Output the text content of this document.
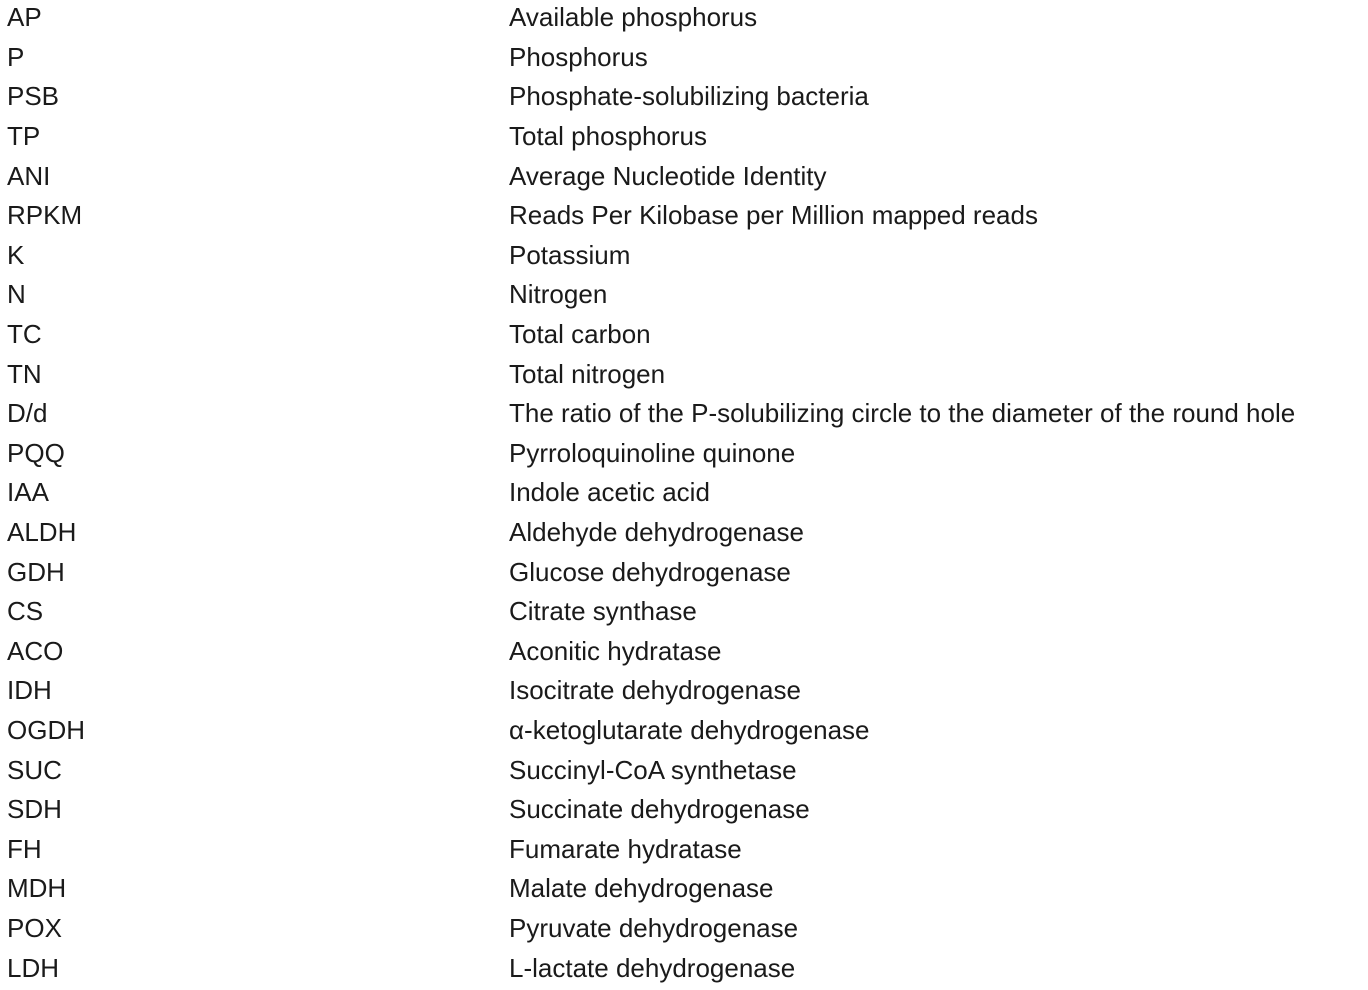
AP	Available phosphorus
P	Phosphorus
PSB	Phosphate-solubilizing bacteria
TP	Total phosphorus
ANI	Average Nucleotide Identity
RPKM	Reads Per Kilobase per Million mapped reads
K	Potassium
N	Nitrogen
TC	Total carbon
TN	Total nitrogen
D/d	The ratio of the P-solubilizing circle to the diameter of the round hole
PQQ	Pyrroloquinoline quinone
IAA	Indole acetic acid
ALDH	Aldehyde dehydrogenase
GDH	Glucose dehydrogenase
CS	Citrate synthase
ACO	Aconitic hydratase
IDH	Isocitrate dehydrogenase
OGDH	α-ketoglutarate dehydrogenase
SUC	Succinyl-CoA synthetase
SDH	Succinate dehydrogenase
FH	Fumarate hydratase
MDH	Malate dehydrogenase
POX	Pyruvate dehydrogenase
LDH	L-lactate dehydrogenase
